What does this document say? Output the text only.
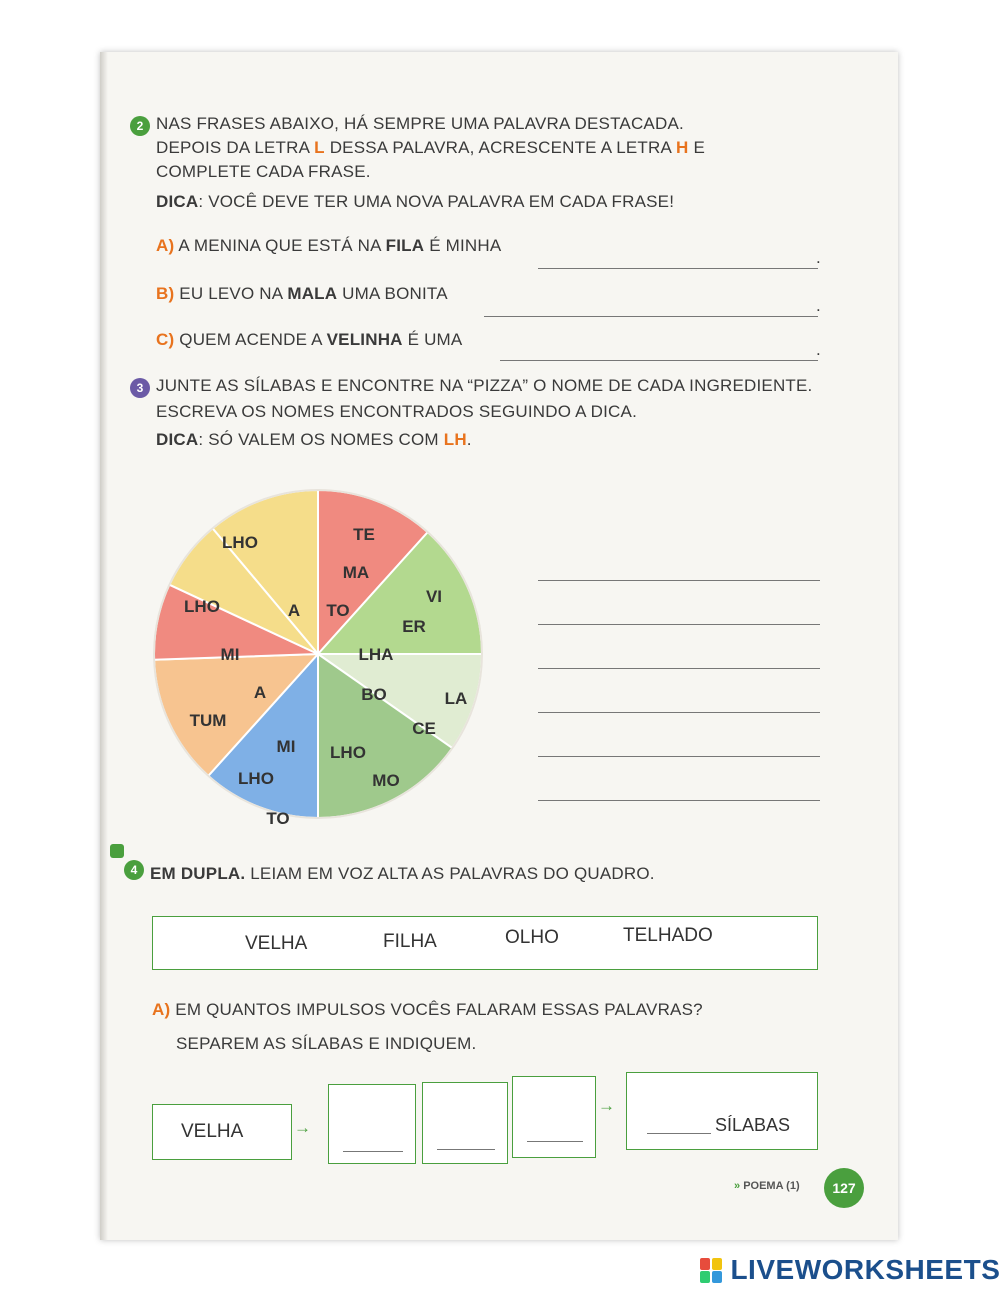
2 NAS FRASES ABAIXO, HÁ SEMPRE UMA PALAVRA DESTACADA.
DEPOIS DA LETRA L DESSA PALAVRA, ACRESCENTE A LETRA H E
COMPLETE CADA FRASE.
DICA: VOCÊ DEVE TER UMA NOVA PALAVRA EM CADA FRASE!
A) A MENINA QUE ESTÁ NA FILA É MINHA
.
B) EU LEVO NA MALA UMA BONITA
.
C) QUEM ACENDE A VELINHA É UMA
.
3 JUNTE AS SÍLABAS E ENCONTRE NA “PIZZA” O NOME DE CADA INGREDIENTE.
ESCREVA OS NOMES ENCONTRADOS SEGUINDO A DICA.
DICA: SÓ VALEM OS NOMES COM LH.
LHO	TE
MA
TO
VI
ER
LHA
BO	LA
CE
LHO
MO
MI
LHO
TO
A
TUM
LHO
MI
A
4 EM DUPLA. LEIAM EM VOZ ALTA AS PALAVRAS DO QUADRO.
VELHA	FILHA	OLHO	TELHADO
A) EM QUANTOS IMPULSOS VOCÊS FALARAM ESSAS PALAVRAS?
SEPAREM AS SÍLABAS E INDIQUEM.
VELHA	→
→
SÍLABAS
» POEMA (1)	127
LIVEWORKSHEETS
